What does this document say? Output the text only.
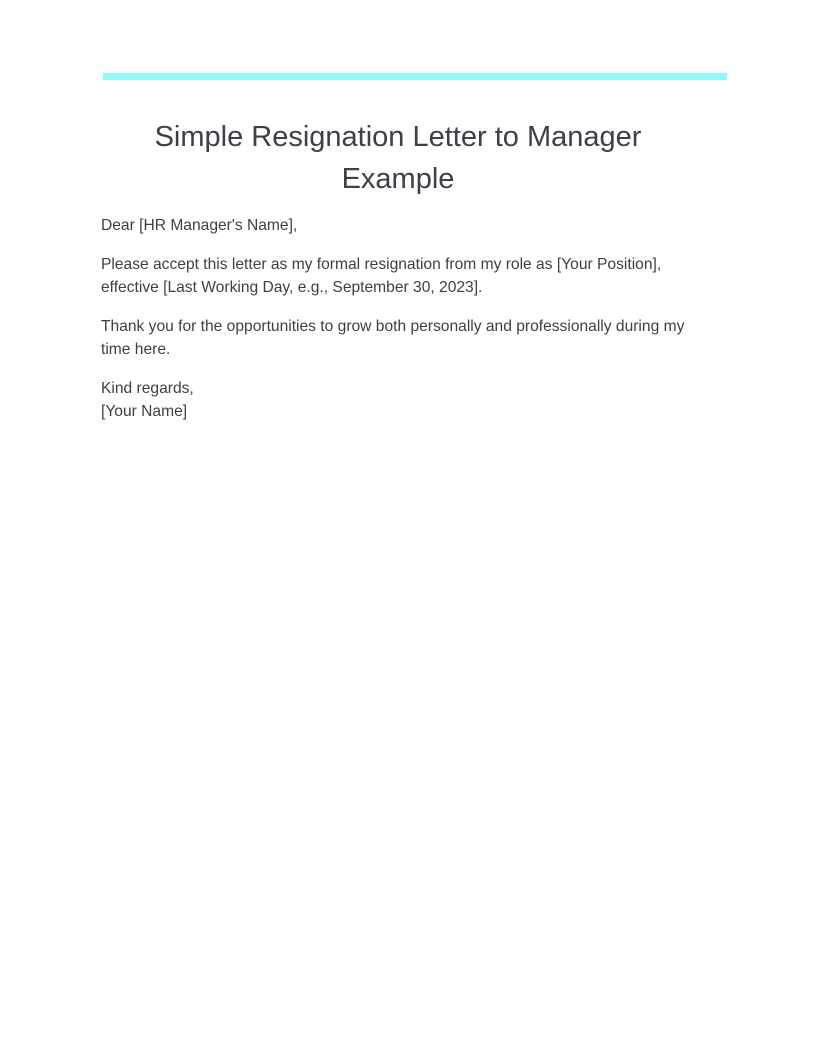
Simple Resignation Letter to Manager Example

Dear [HR Manager's Name],

Please accept this letter as my formal resignation from my role as [Your Position], effective [Last Working Day, e.g., September 30, 2023].

Thank you for the opportunities to grow both personally and professionally during my time here.

Kind regards,

[Your Name]
